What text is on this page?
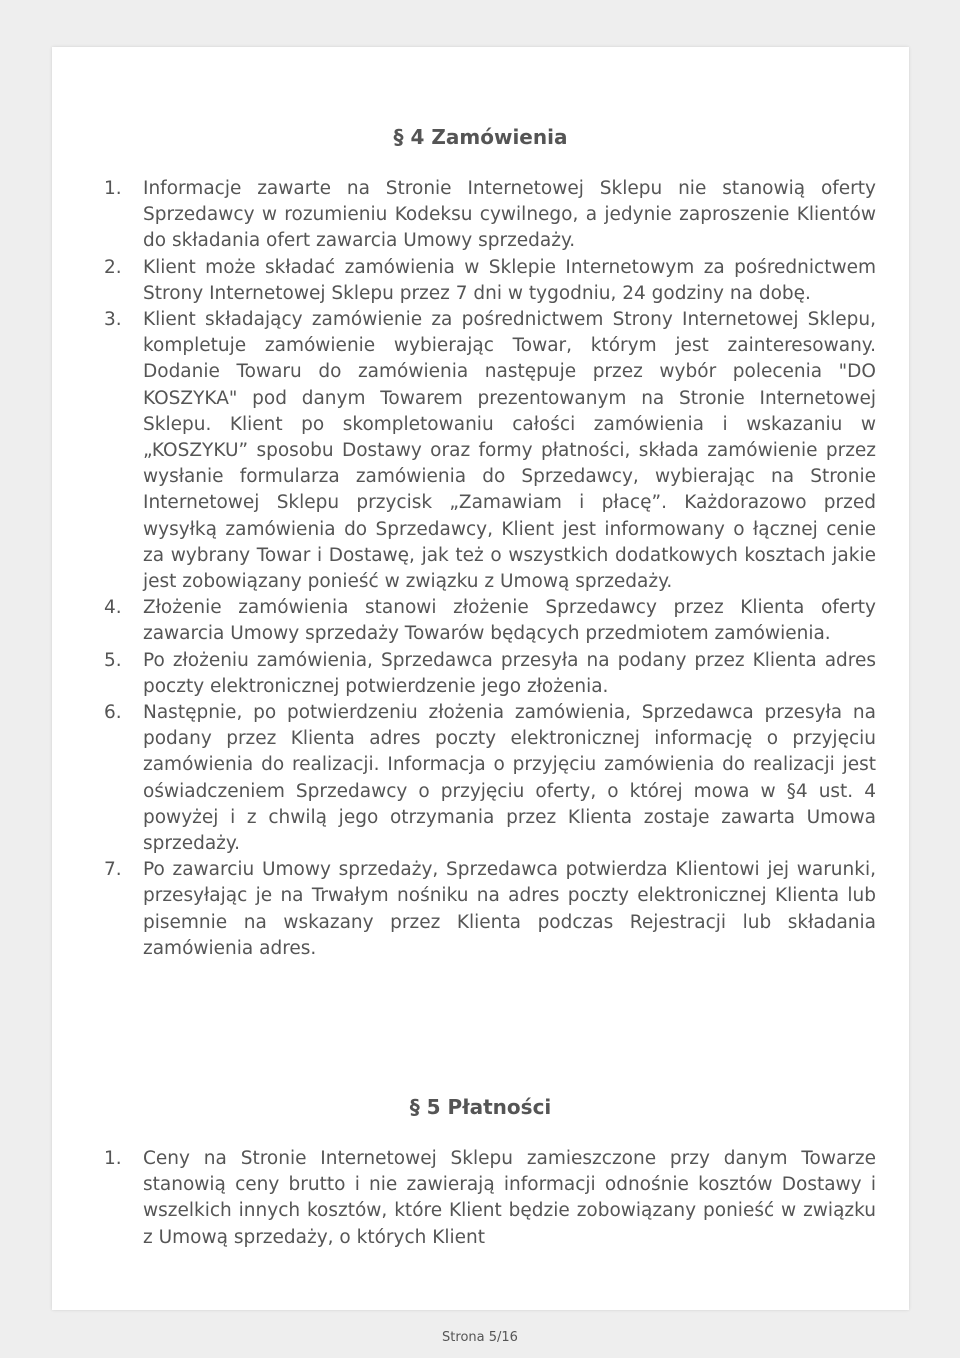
§ 4 Zamówienia
1. Informacje zawarte na Stronie Internetowej Sklepu nie stanowią oferty Sprzedawcy w rozumieniu Kodeksu cywilnego, a jedynie zaproszenie Klientów do składania ofert zawarcia Umowy sprzedaży.
2. Klient może składać zamówienia w Sklepie Internetowym za pośrednictwem Strony Internetowej Sklepu przez 7 dni w tygodniu, 24 godziny na dobę.
3. Klient składający zamówienie za pośrednictwem Strony Internetowej Sklepu, kompletuje zamówienie wybierając Towar, którym jest zainteresowany. Dodanie Towaru do zamówienia następuje przez wybór polecenia "DO KOSZYKA" pod danym Towarem prezentowanym na Stronie Internetowej Sklepu. Klient po skompletowaniu całości zamówienia i wskazaniu w „KOSZYKU” sposobu Dostawy oraz formy płatności, składa zamówienie przez wysłanie formularza zamówienia do Sprzedawcy, wybierając na Stronie Internetowej Sklepu przycisk „Zamawiam i płacę”. Każdorazowo przed wysyłką zamówienia do Sprzedawcy, Klient jest informowany o łącznej cenie za wybrany Towar i Dostawę, jak też o wszystkich dodatkowych kosztach jakie jest zobowiązany ponieść w związku z Umową sprzedaży.
4. Złożenie zamówienia stanowi złożenie Sprzedawcy przez Klienta oferty zawarcia Umowy sprzedaży Towarów będących przedmiotem zamówienia.
5. Po złożeniu zamówienia, Sprzedawca przesyła na podany przez Klienta adres poczty elektronicznej potwierdzenie jego złożenia.
6. Następnie, po potwierdzeniu złożenia zamówienia, Sprzedawca przesyła na podany przez Klienta adres poczty elektronicznej informację o przyjęciu zamówienia do realizacji. Informacja o przyjęciu zamówienia do realizacji jest oświadczeniem Sprzedawcy o przyjęciu oferty, o której mowa w §4 ust. 4 powyżej i z chwilą jego otrzymania przez Klienta zostaje zawarta Umowa sprzedaży.
7. Po zawarciu Umowy sprzedaży, Sprzedawca potwierdza Klientowi jej warunki, przesyłając je na Trwałym nośniku na adres poczty elektronicznej Klienta lub pisemnie na wskazany przez Klienta podczas Rejestracji lub składania zamówienia adres.
§ 5 Płatności
1. Ceny na Stronie Internetowej Sklepu zamieszczone przy danym Towarze stanowią ceny brutto i nie zawierają informacji odnośnie kosztów Dostawy i wszelkich innych kosztów, które Klient będzie zobowiązany ponieść w związku z Umową sprzedaży, o których Klient
Strona 5/16
